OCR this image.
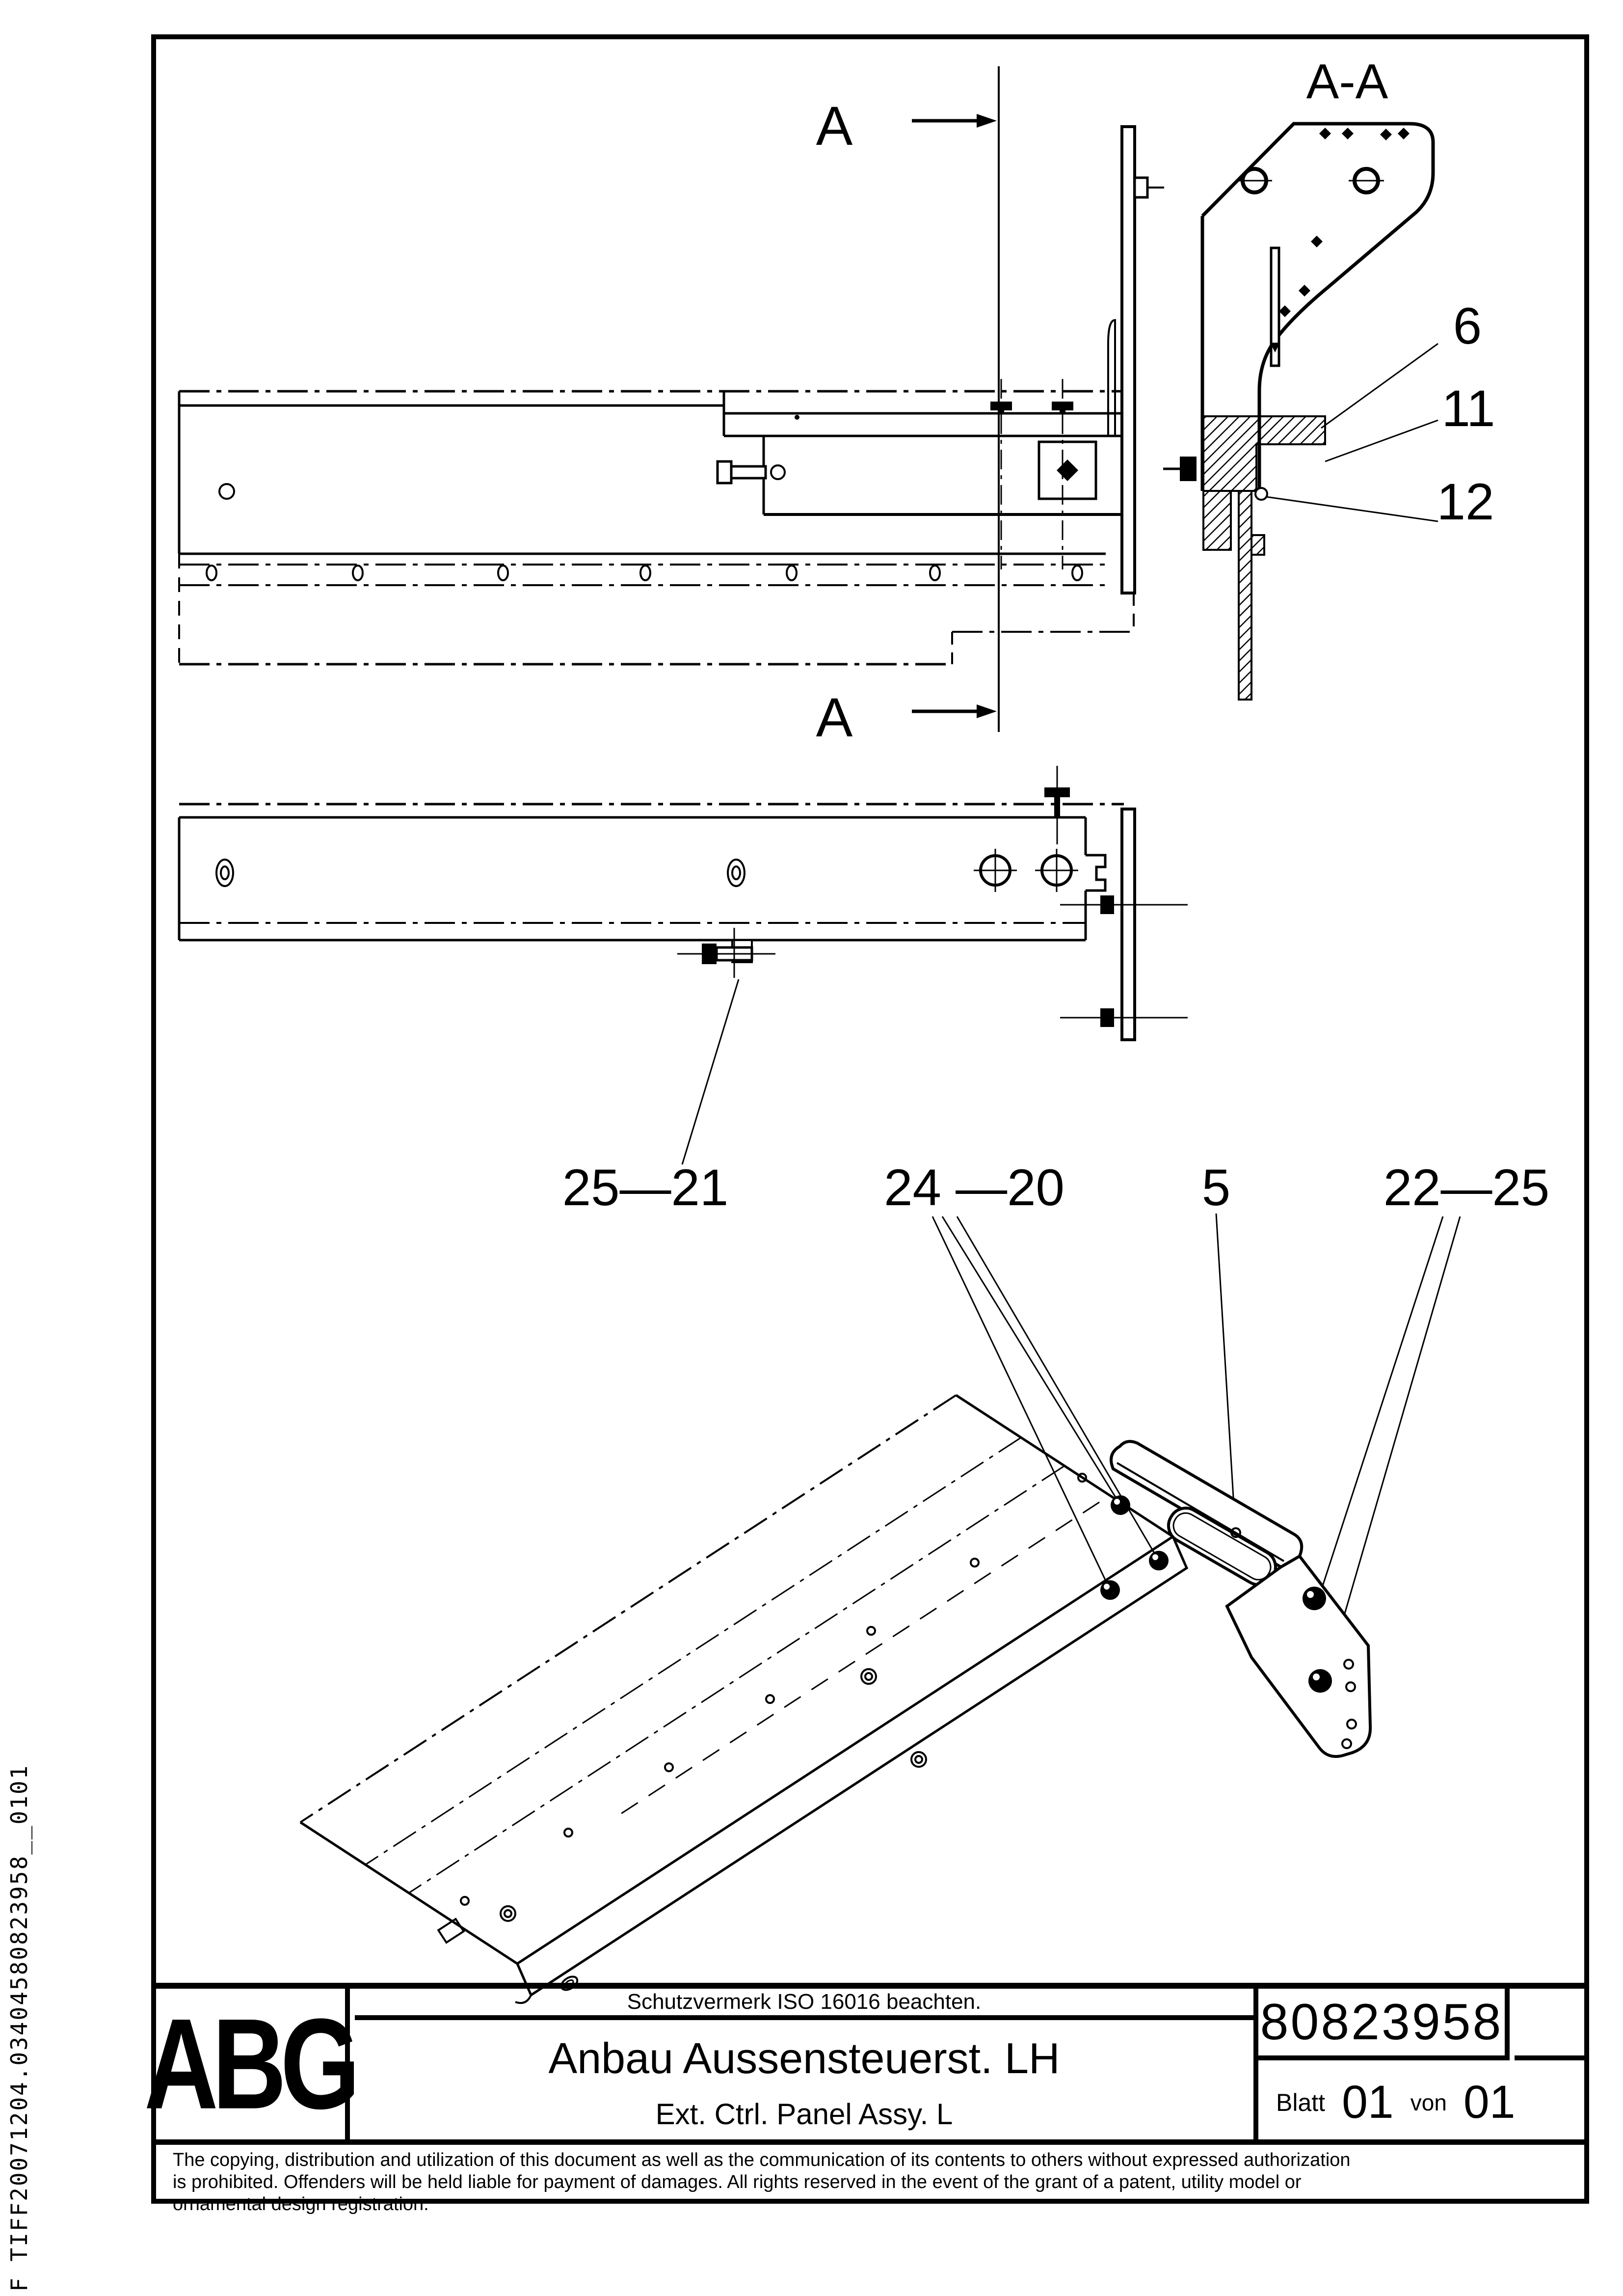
A
A
A-A
6
11
12
25—21	24 —20	5	22—25
F TIFF20071204.03404580823958__0101 ABG	Schutzvermerk ISO 16016 beachten.
Anbau Aussensteuerst. LH
Ext. Ctrl. Panel Assy. L
80823958
Blatt 01 von 01
The copying, distribution and utilization of this document as well as the communication of its contents to others without expressed authorization
is prohibited. Offenders will be held liable for payment of damages. All rights reserved in the event of the grant of a patent, utility model or
ornamental design registration.
